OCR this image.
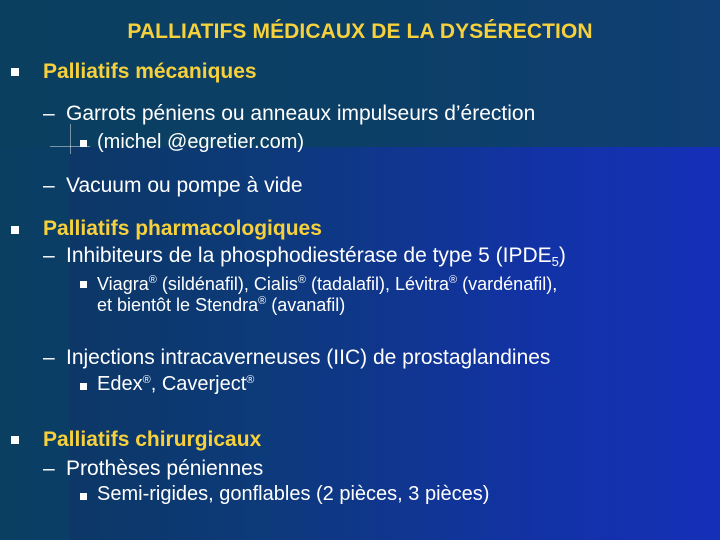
PALLIATIFS MÉDICAUX DE LA DYSÉRECTION
Palliatifs mécaniques
– Garrots péniens ou anneaux impulseurs d’érection
(michel @egretier.com)
– Vacuum ou pompe à vide
Palliatifs pharmacologiques
– Inhibiteurs de la phosphodiestérase de type 5 $(IPDE_5)$
Viagra® (sildénafil), Cialis® (tadalafil), Lévitra® (vardénafil),
et bientôt le Stendra® (avanafil)
– Injections intracaverneuses (IIC) de prostaglandines
Edex®, Caverject®
Palliatifs chirurgicaux
– Prothèses péniennes
Semi-rigides, gonflables (2 pièces, 3 pièces)
